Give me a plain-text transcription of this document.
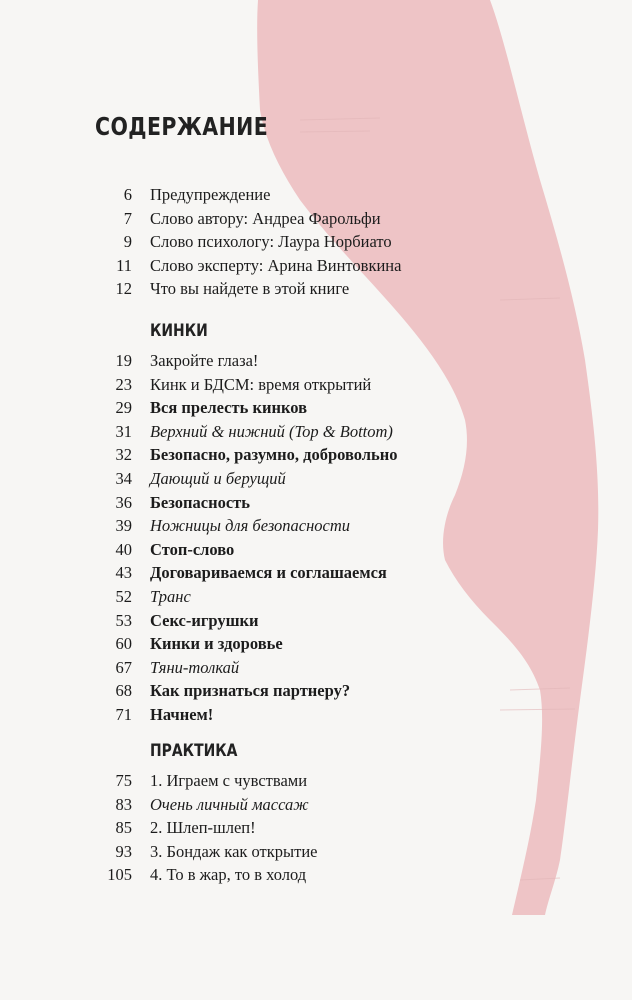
СОДЕРЖАНИЕ
6 Предупреждение
7 Слово автору: Андреа Фарольфи
9 Слово психологу: Лаура Норбиато
11 Слово эксперту: Арина Винтовкина
12 Что вы найдете в этой книге
КИНКИ
19 Закройте глаза!
23 Кинк и БДСМ: время открытий
29 Вся прелесть кинков
31 Верхний & нижний (Top & Bottom)
32 Безопасно, разумно, добровольно
34 Дающий и берущий
36 Безопасность
39 Ножницы для безопасности
40 Стоп-слово
43 Договариваемся и соглашаемся
52 Транс
53 Секс-игрушки
60 Кинки и здоровье
67 Тяни-толкай
68 Как признаться партнеру?
71 Начнем!
ПРАКТИКА
75 1. Играем с чувствами
83 Очень личный массаж
85 2. Шлеп-шлеп!
93 3. Бондаж как открытие
105 4. То в жар, то в холод
